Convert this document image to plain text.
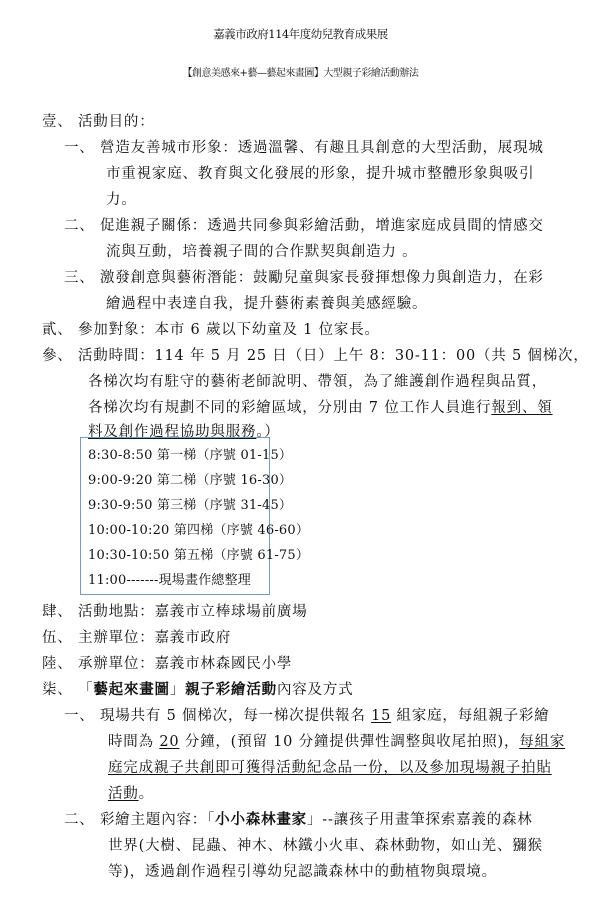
嘉義市政府114年度幼兒教育成果展
【創意美感來+藝—藝起來畫圖】大型親子彩繪活動辦法
壹、 活動目的：
一、 營造友善城市形象：透過溫馨、有趣且具創意的大型活動，展現城
市重視家庭、教育與文化發展的形象，提升城市整體形象與吸引
力。
二、 促進親子關係：透過共同參與彩繪活動，增進家庭成員間的情感交
流與互動，培養親子間的合作默契與創造力 。
三、 激發創意與藝術潛能：鼓勵兒童與家長發揮想像力與創造力，在彩
繪過程中表達自我，提升藝術素養與美感經驗。
貳、 參加對象：本市 6 歲以下幼童及 1 位家長。
參、 活動時間：114 年 5 月 25 日（日）上午 8：30-11：00（共 5 個梯次，
各梯次均有駐守的藝術老師說明、帶領，為了維護創作過程與品質，
各梯次均有規劃不同的彩繪區域，分別由 7 位工作人員進行報到、領
料及創作過程協助與服務。）
8:30-8:50 第一梯（序號 01-15）
9:00-9:20 第二梯（序號 16-30）
9:30-9:50 第三梯（序號 31-45）
10:00-10:20 第四梯（序號 46-60）
10:30-10:50 第五梯（序號 61-75）
11:00-------現場畫作總整理
肆、 活動地點：嘉義市立棒球場前廣場
伍、 主辦單位：嘉義市政府
陸、 承辦單位：嘉義市林森國民小學
柒、 「藝起來畫圖」親子彩繪活動內容及方式
一、 現場共有 5 個梯次，每一梯次提供報名 15 組家庭，每組親子彩繪
時間為 20 分鐘，(預留 10 分鐘提供彈性調整與收尾拍照)，每組家
庭完成親子共創即可獲得活動紀念品一份，以及參加現場親子拍貼
活動。
二、 彩繪主題內容：「小小森林畫家」--讓孩子用畫筆探索嘉義的森林
世界(大樹、昆蟲、神木、林鐵小火車、森林動物，如山羌、獼猴
等)，透過創作過程引導幼兒認識森林中的動植物與環境。
